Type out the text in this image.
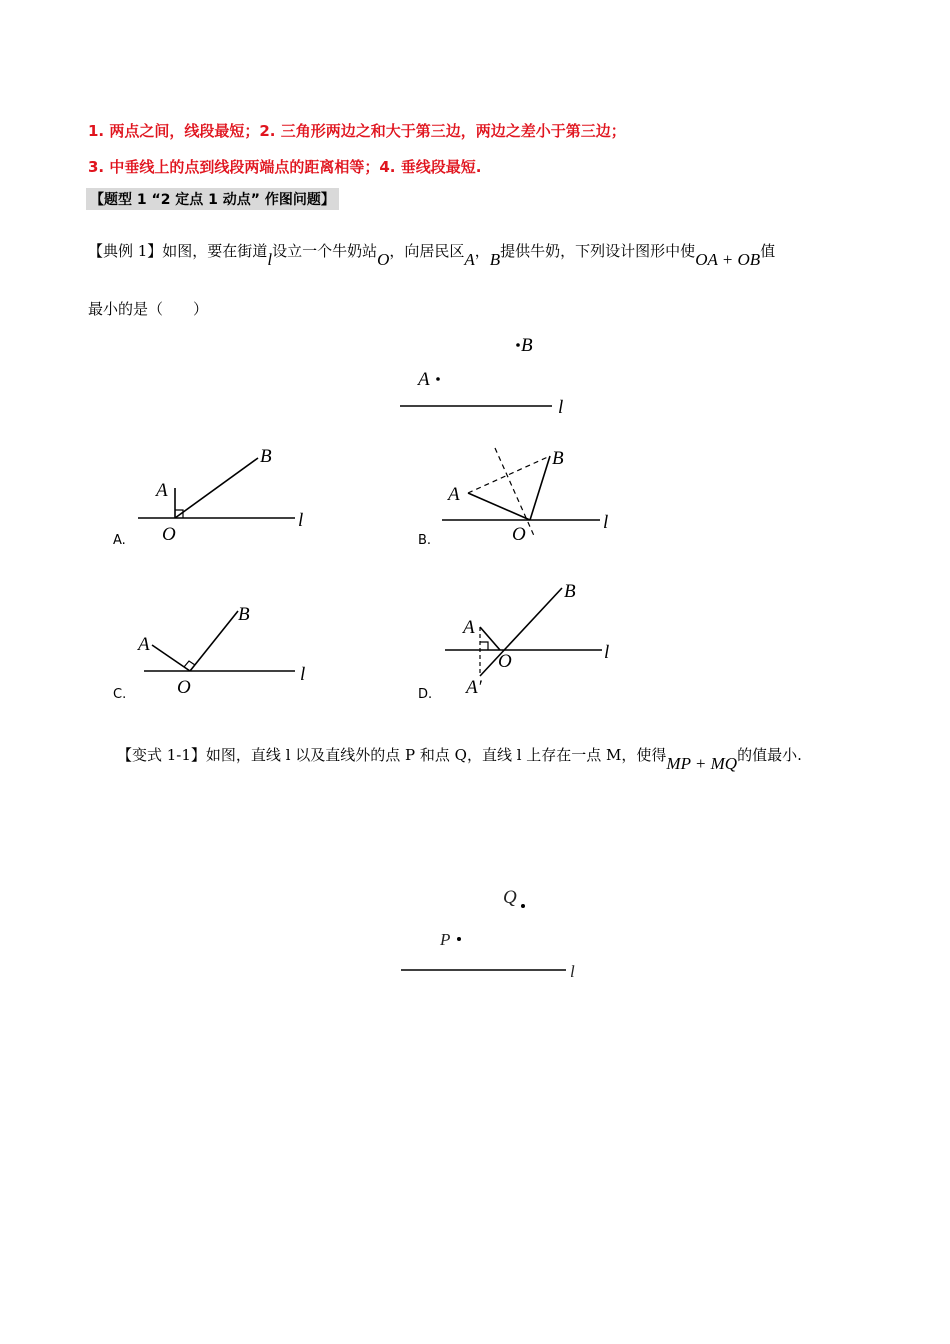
1. 两点之间，线段最短；2. 三角形两边之和大于第三边，两边之差小于第三边；
3. 中垂线上的点到线段两端点的距离相等；4. 垂线段最短.
【题型 1 “2 定点 1 动点” 作图问题】
【典例 1】如图，要在街道l设立一个牛奶站O，向居民区A，B提供牛奶，下列设计图形中使OA + OB值
最小的是（　　）
B
A
l
A
B
O
l
A.
A
B
O
l
B.
A
B
O
l
C.
A
A′
B
O	l
D.
【变式 1-1】如图，直线 l 以及直线外的点 P 和点 Q，直线 l 上存在一点 M，使得MP + MQ的值最小.
Q
P
l
